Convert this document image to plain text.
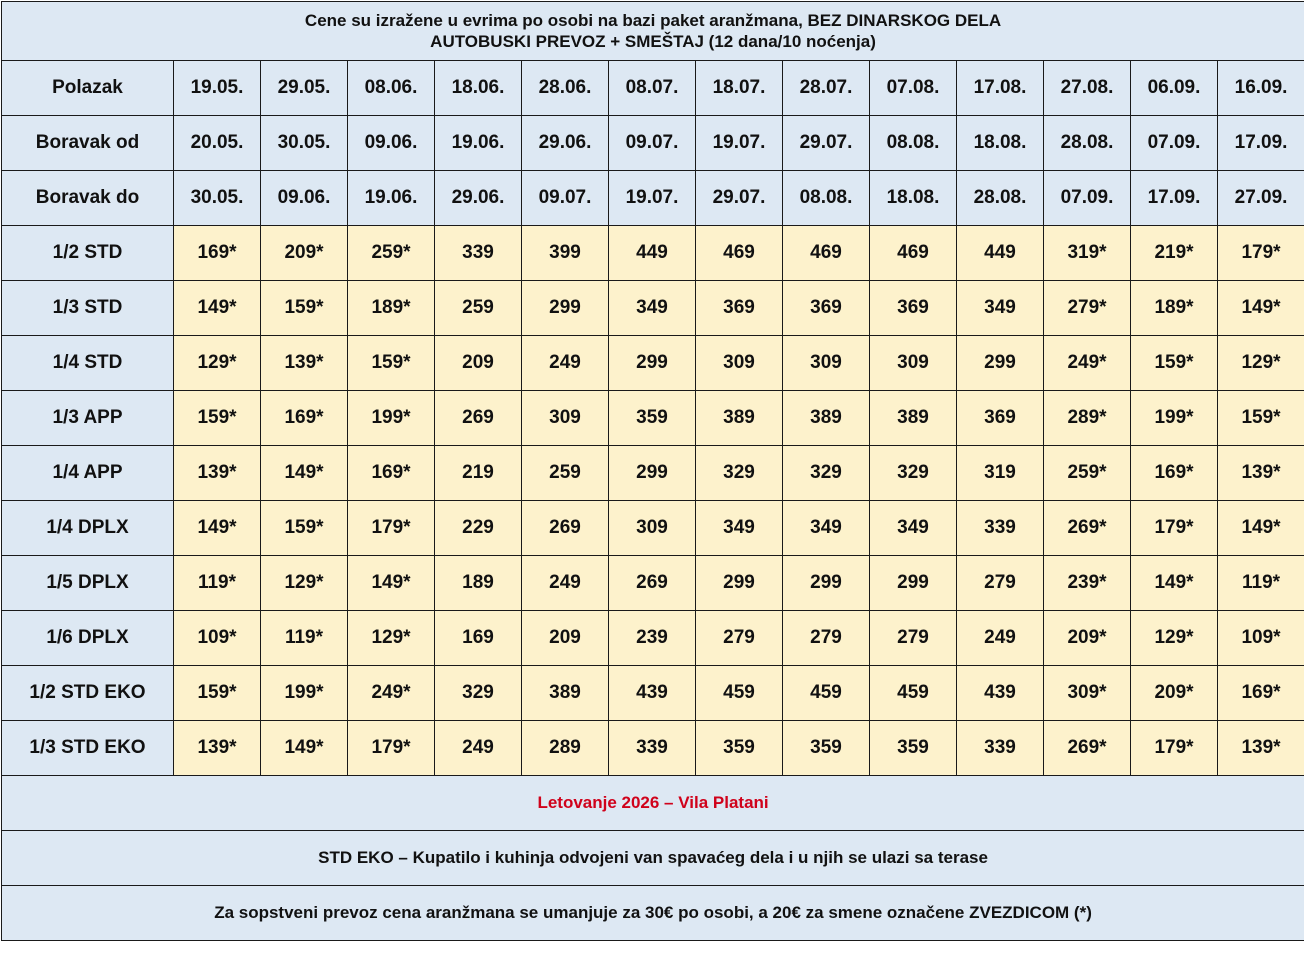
Cene su izražene u evrima po osobi na bazi paket aranžmana, BEZ DINARSKOG DELA
AUTOBUSKI PREVOZ + SMEŠTAJ (12 dana/10 noćenja)													

Polazak	19.05.	29.05.	08.06.	18.06.	28.06.	08.07.	18.07.	28.07.	07.08.	17.08.	27.08.	06.09.	16.09.
Boravak od	20.05.	30.05.	09.06.	19.06.	29.06.	09.07.	19.07.	29.07.	08.08.	18.08.	28.08.	07.09.	17.09.
Boravak do	30.05.	09.06.	19.06.	29.06.	09.07.	19.07.	29.07.	08.08.	18.08.	28.08.	07.09.	17.09.	27.09.
1/2 STD	169*	209*	259*	339	399	449	469	469	469	449	319*	219*	179*
1/3 STD	149*	159*	189*	259	299	349	369	369	369	349	279*	189*	149*
1/4 STD	129*	139*	159*	209	249	299	309	309	309	299	249*	159*	129*
1/3 APP	159*	169*	199*	269	309	359	389	389	389	369	289*	199*	159*
1/4 APP	139*	149*	169*	219	259	299	329	329	329	319	259*	169*	139*
1/4 DPLX	149*	159*	179*	229	269	309	349	349	349	339	269*	179*	149*
1/5 DPLX	119*	129*	149*	189	249	269	299	299	299	279	239*	149*	119*
1/6 DPLX	109*	119*	129*	169	209	239	279	279	279	249	209*	129*	109*
1/2 STD EKO	159*	199*	249*	329	389	439	459	459	459	439	309*	209*	169*
1/3 STD EKO	139*	149*	179*	249	289	339	359	359	359	339	269*	179*	139*
Letovanje 2026 – Vila Platani													
STD EKO – Kupatilo i kuhinja odvojeni van spavaćeg dela i u njih se ulazi sa terase													
Za sopstveni prevoz cena aranžmana se umanjuje za 30€ po osobi, a 20€ za smene označene ZVEZDICOM (*)													
